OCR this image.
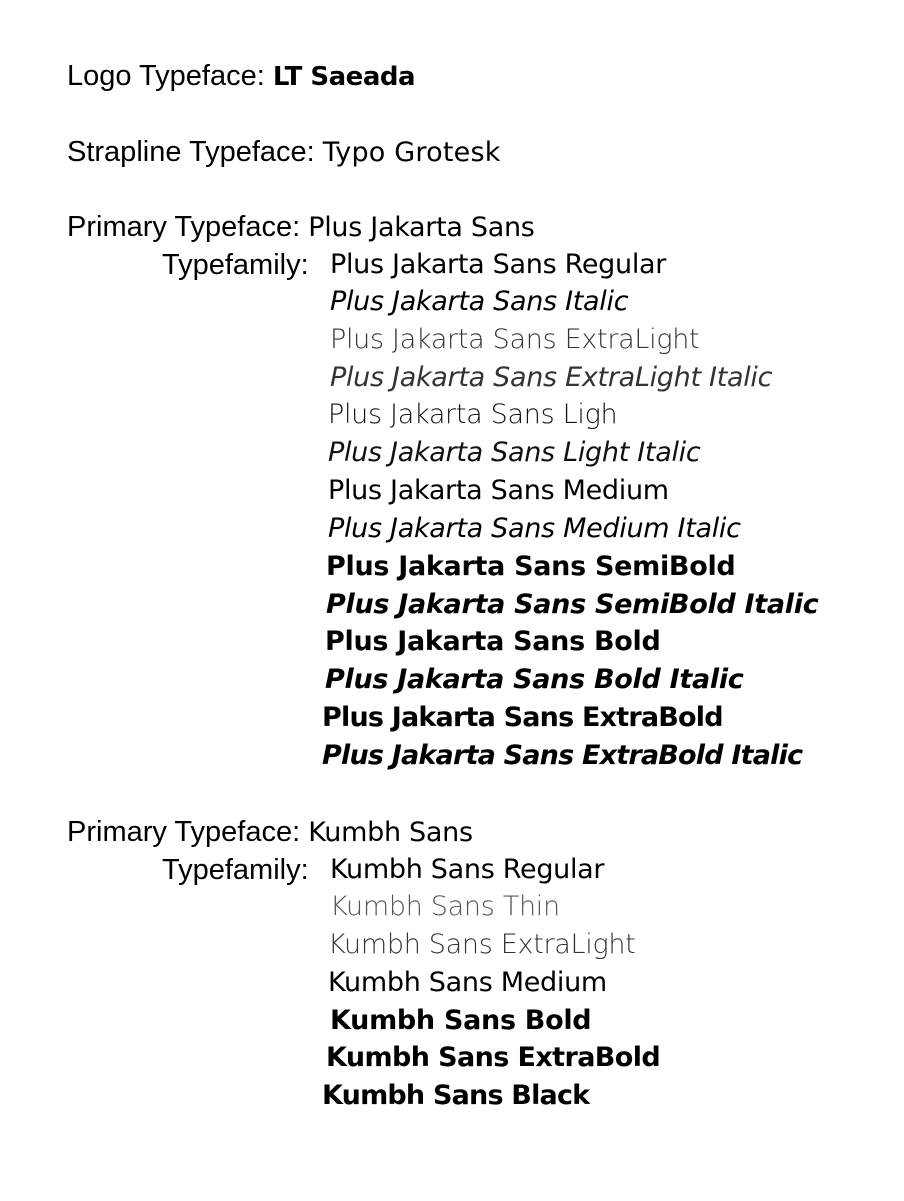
Logo Typeface: LT Saeada
Strapline Typeface: Typo Grotesk
Primary Typeface: Plus Jakarta Sans
Typefamily: Plus Jakarta Sans Regular
Plus Jakarta Sans Italic
Plus Jakarta Sans ExtraLight
Plus Jakarta Sans ExtraLight Italic
Plus Jakarta Sans Ligh
Plus Jakarta Sans Light Italic
Plus Jakarta Sans Medium
Plus Jakarta Sans Medium Italic
Plus Jakarta Sans SemiBold
Plus Jakarta Sans SemiBold Italic
Plus Jakarta Sans Bold
Plus Jakarta Sans Bold Italic
Plus Jakarta Sans ExtraBold
Plus Jakarta Sans ExtraBold Italic
Primary Typeface: Kumbh Sans
Typefamily: Kumbh Sans Regular
Kumbh Sans Thin
Kumbh Sans ExtraLight
Kumbh Sans Medium
Kumbh Sans Bold
Kumbh Sans ExtraBold
Kumbh Sans Black
